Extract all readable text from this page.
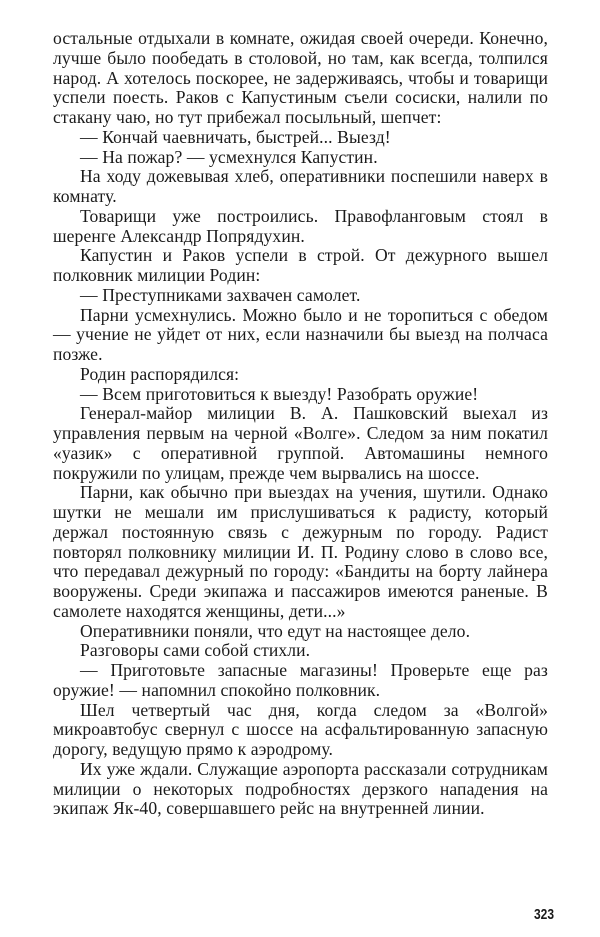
остальные отдыхали в комнате, ожидая своей очереди. Конечно, лучше было пообедать в столовой, но там, как всегда, толпился народ. А хотелось поскорее, не задерживаясь, чтобы и товарищи успели поесть. Раков с Капустиным съели сосиски, налили по стакану чаю, но тут прибежал посыльный, шепчет:

— Кончай чаевничать, быстрей... Выезд!

— На пожар? — усмехнулся Капустин.

На ходу дожевывая хлеб, оперативники поспешили наверх в комнату.

Товарищи уже построились. Правофланговым стоял в шеренге Александр Попрядухин.

Капустин и Раков успели в строй. От дежурного вышел полковник милиции Родин:

— Преступниками захвачен самолет.

Парни усмехнулись. Можно было и не торопиться с обедом — учение не уйдет от них, если назначили бы выезд на полчаса позже.

Родин распорядился:

— Всем приготовиться к выезду! Разобрать оружие!

Генерал-майор милиции В. А. Пашковский выехал из управления первым на черной «Волге». Следом за ним покатил «уазик» с оперативной группой. Автомашины немного покружили по улицам, прежде чем вырвались на шоссе.

Парни, как обычно при выездах на учения, шутили. Однако шутки не мешали им прислушиваться к радисту, который держал постоянную связь с дежурным по городу. Радист повторял полковнику милиции И. П. Родину слово в слово все, что передавал дежурный по городу: «Бандиты на борту лайнера вооружены. Среди экипажа и пассажиров имеются раненые. В самолете находятся женщины, дети...»

Оперативники поняли, что едут на настоящее дело.

Разговоры сами собой стихли.

— Приготовьте запасные магазины! Проверьте еще раз оружие! — напомнил спокойно полковник.

Шел четвертый час дня, когда следом за «Волгой» микроавтобус свернул с шоссе на асфальтированную запасную дорогу, ведущую прямо к аэродрому.

Их уже ждали. Служащие аэропорта рассказали сотрудникам милиции о некоторых подробностях дерзкого нападения на экипаж Як-40, совершавшего рейс на внутренней линии.

323
